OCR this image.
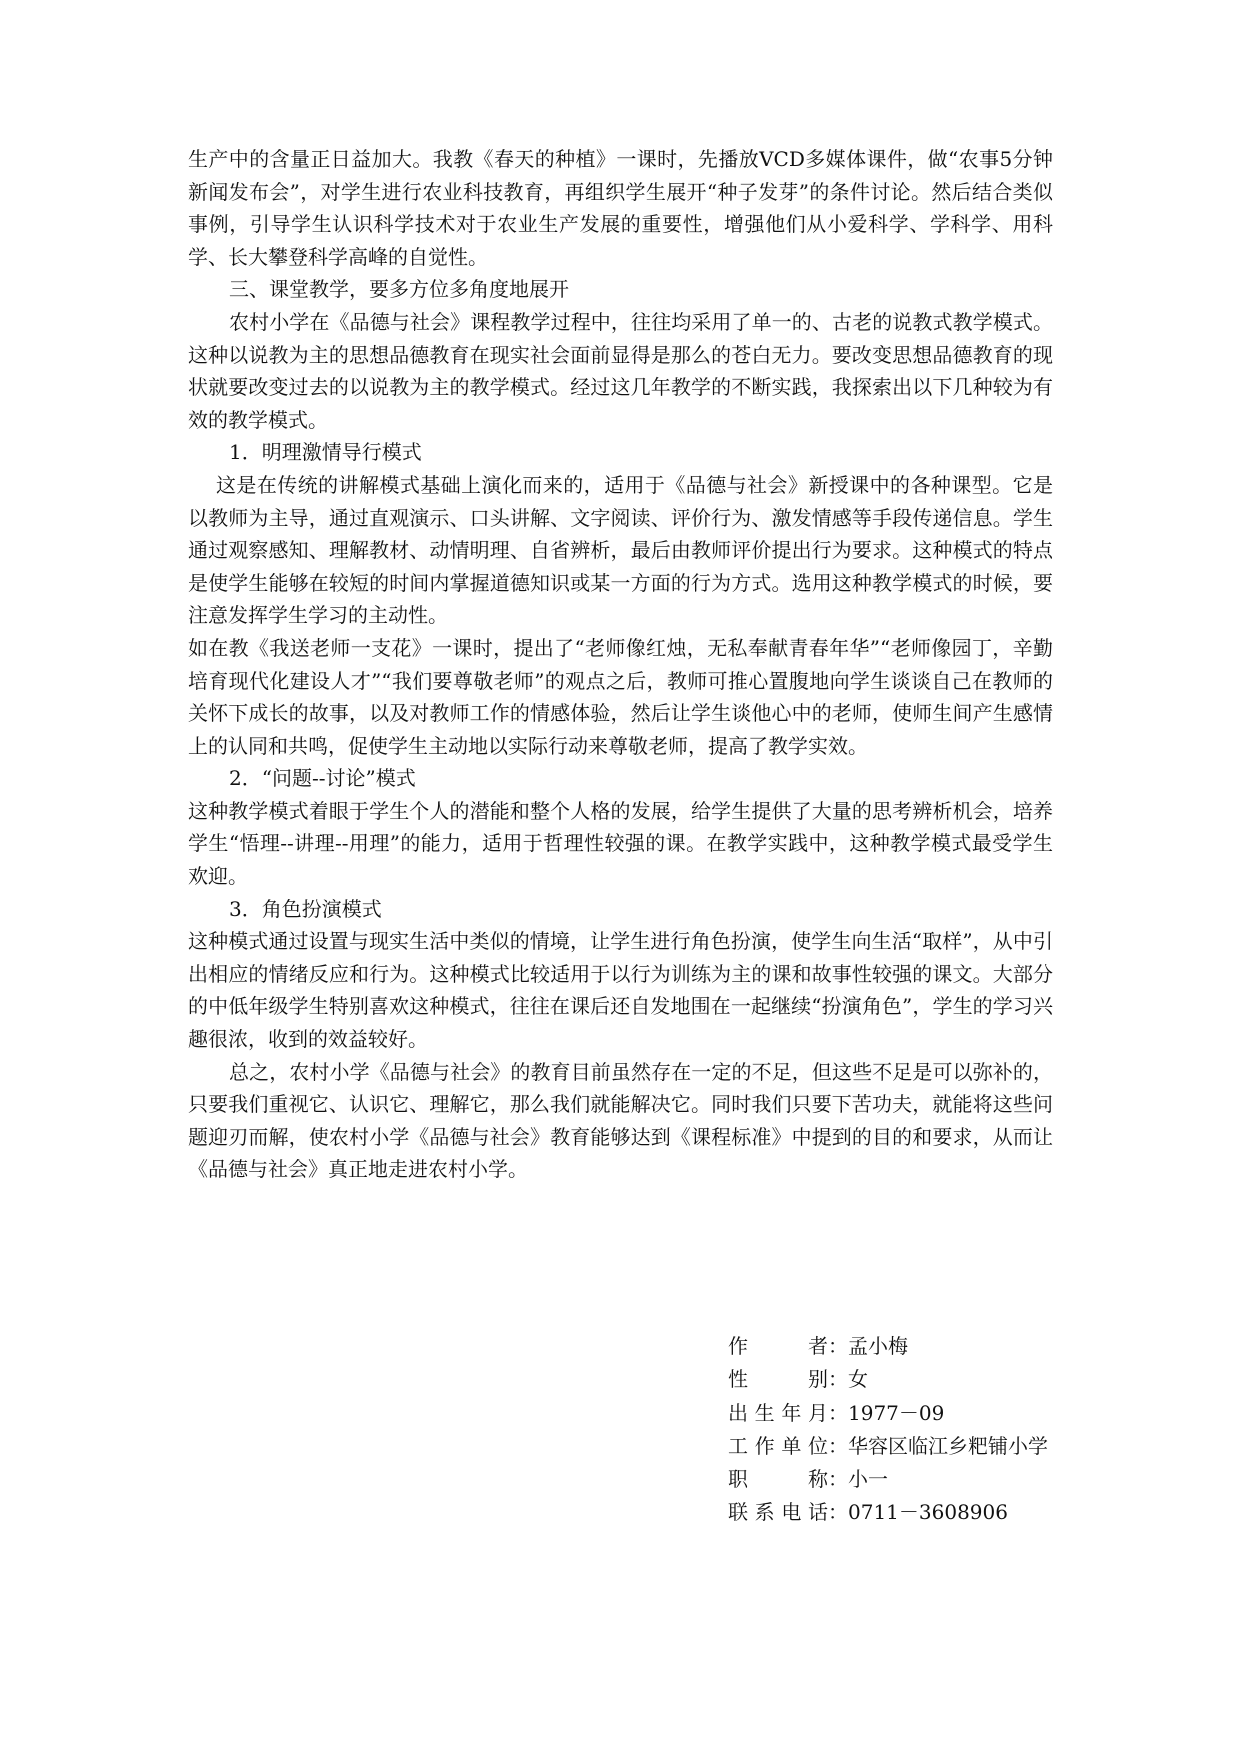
生产中的含量正日益加大。我教《春天的种植》一课时，先播放VCD多媒体课件，做“农事5分钟新闻发布会”，对学生进行农业科技教育，再组织学生展开“种子发芽”的条件讨论。然后结合类似事例，引导学生认识科学技术对于农业生产发展的重要性，增强他们从小爱科学、学科学、用科学、长大攀登科学高峰的自觉性。

三、课堂教学，要多方位多角度地展开

农村小学在《品德与社会》课程教学过程中，往往均采用了单一的、古老的说教式教学模式。这种以说教为主的思想品德教育在现实社会面前显得是那么的苍白无力。要改变思想品德教育的现状就要改变过去的以说教为主的教学模式。经过这几年教学的不断实践，我探索出以下几种较为有效的教学模式。

1．明理激情导行模式

这是在传统的讲解模式基础上演化而来的，适用于《品德与社会》新授课中的各种课型。它是以教师为主导，通过直观演示、口头讲解、文字阅读、评价行为、激发情感等手段传递信息。学生通过观察感知、理解教材、动情明理、自省辨析，最后由教师评价提出行为要求。这种模式的特点是使学生能够在较短的时间内掌握道德知识或某一方面的行为方式。选用这种教学模式的时候，要注意发挥学生学习的主动性。

如在教《我送老师一支花》一课时，提出了“老师像红烛，无私奉献青春年华”“老师像园丁，辛勤培育现代化建设人才”“我们要尊敬老师”的观点之后，教师可推心置腹地向学生谈谈自己在教师的关怀下成长的故事，以及对教师工作的情感体验，然后让学生谈他心中的老师，使师生间产生感情上的认同和共鸣，促使学生主动地以实际行动来尊敬老师，提高了教学实效。

2．“问题--讨论”模式

这种教学模式着眼于学生个人的潜能和整个人格的发展，给学生提供了大量的思考辨析机会，培养学生“悟理--讲理--用理”的能力，适用于哲理性较强的课。在教学实践中，这种教学模式最受学生欢迎。

3．角色扮演模式

这种模式通过设置与现实生活中类似的情境，让学生进行角色扮演，使学生向生活“取样”，从中引出相应的情绪反应和行为。这种模式比较适用于以行为训练为主的课和故事性较强的课文。大部分的中低年级学生特别喜欢这种模式，往往在课后还自发地围在一起继续“扮演角色”，学生的学习兴趣很浓，收到的效益较好。

总之，农村小学《品德与社会》的教育目前虽然存在一定的不足，但这些不足是可以弥补的，只要我们重视它、认识它、理解它，那么我们就能解决它。同时我们只要下苦功夫，就能将这些问题迎刃而解，使农村小学《品德与社会》教育能够达到《课程标准》中提到的目的和要求，从而让《品德与社会》真正地走进农村小学。

作者 ： 孟小梅
性别 ： 女
出生年月 ： 1977－09
工作单位 ： 华容区临江乡粑铺小学
职称 ： 小一
联系电话 ： 0711－3608906
